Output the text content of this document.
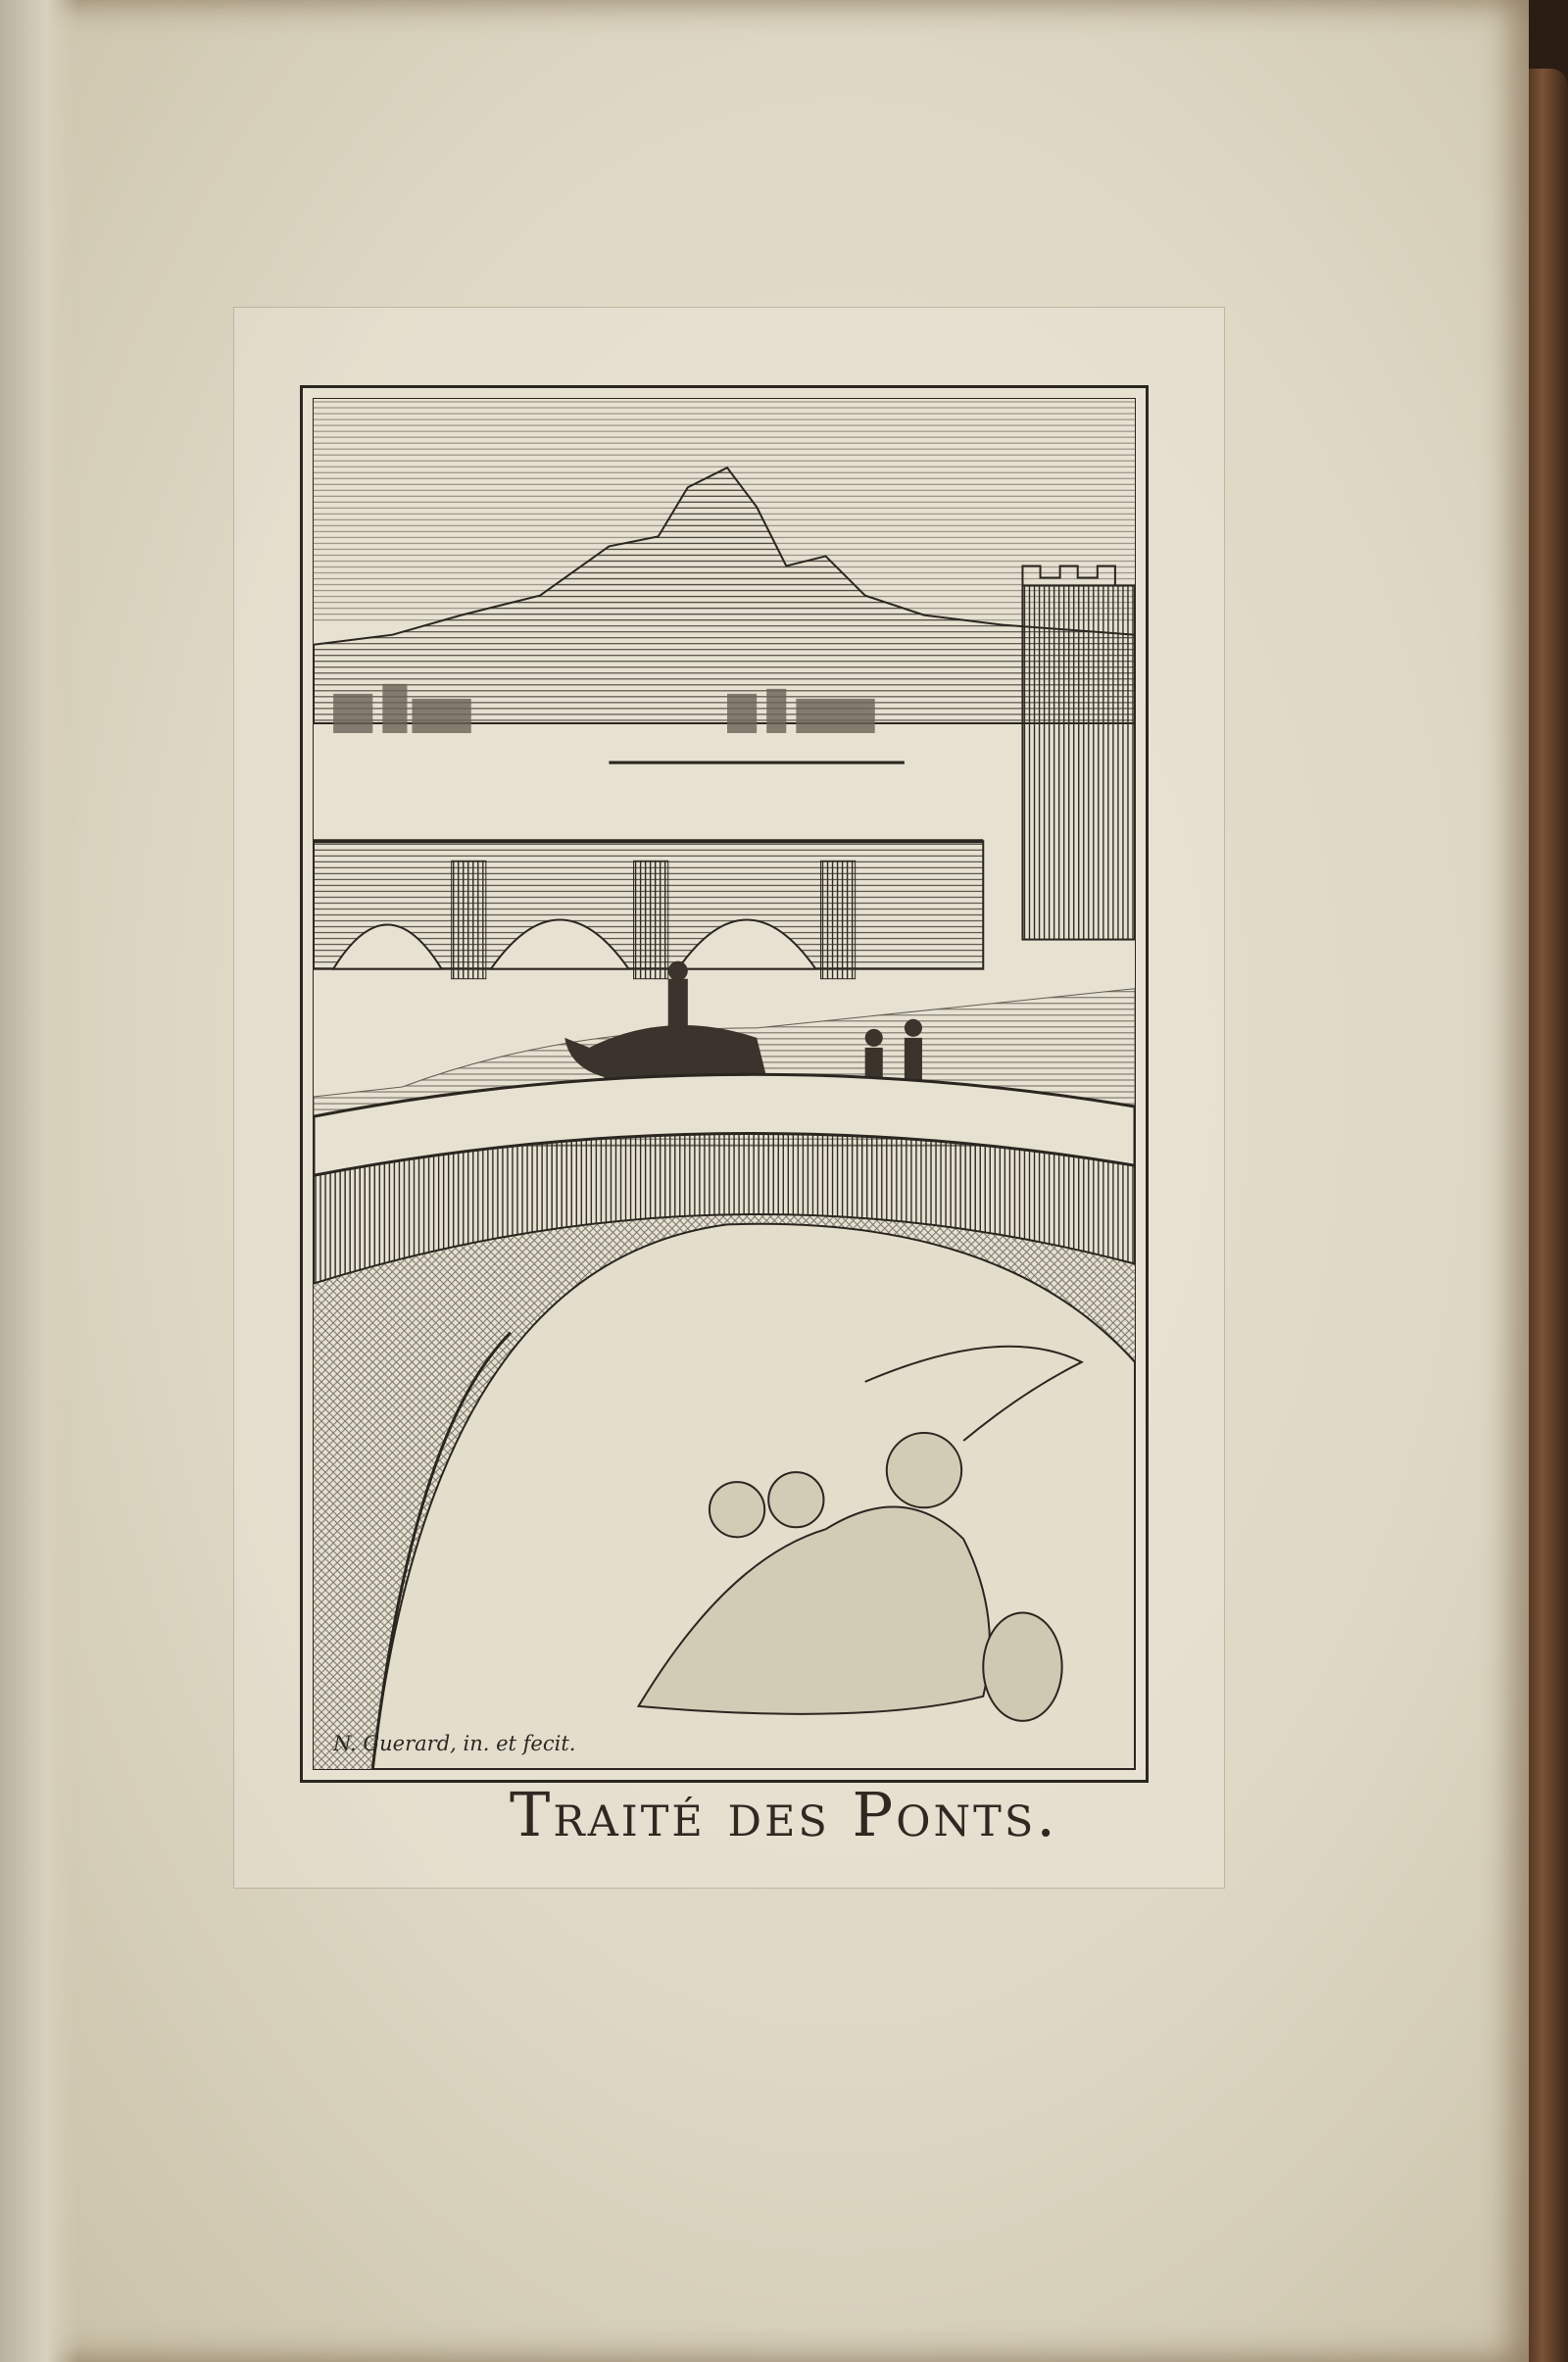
N. Guerard, in. et fecit.
Traité des Ponts.
